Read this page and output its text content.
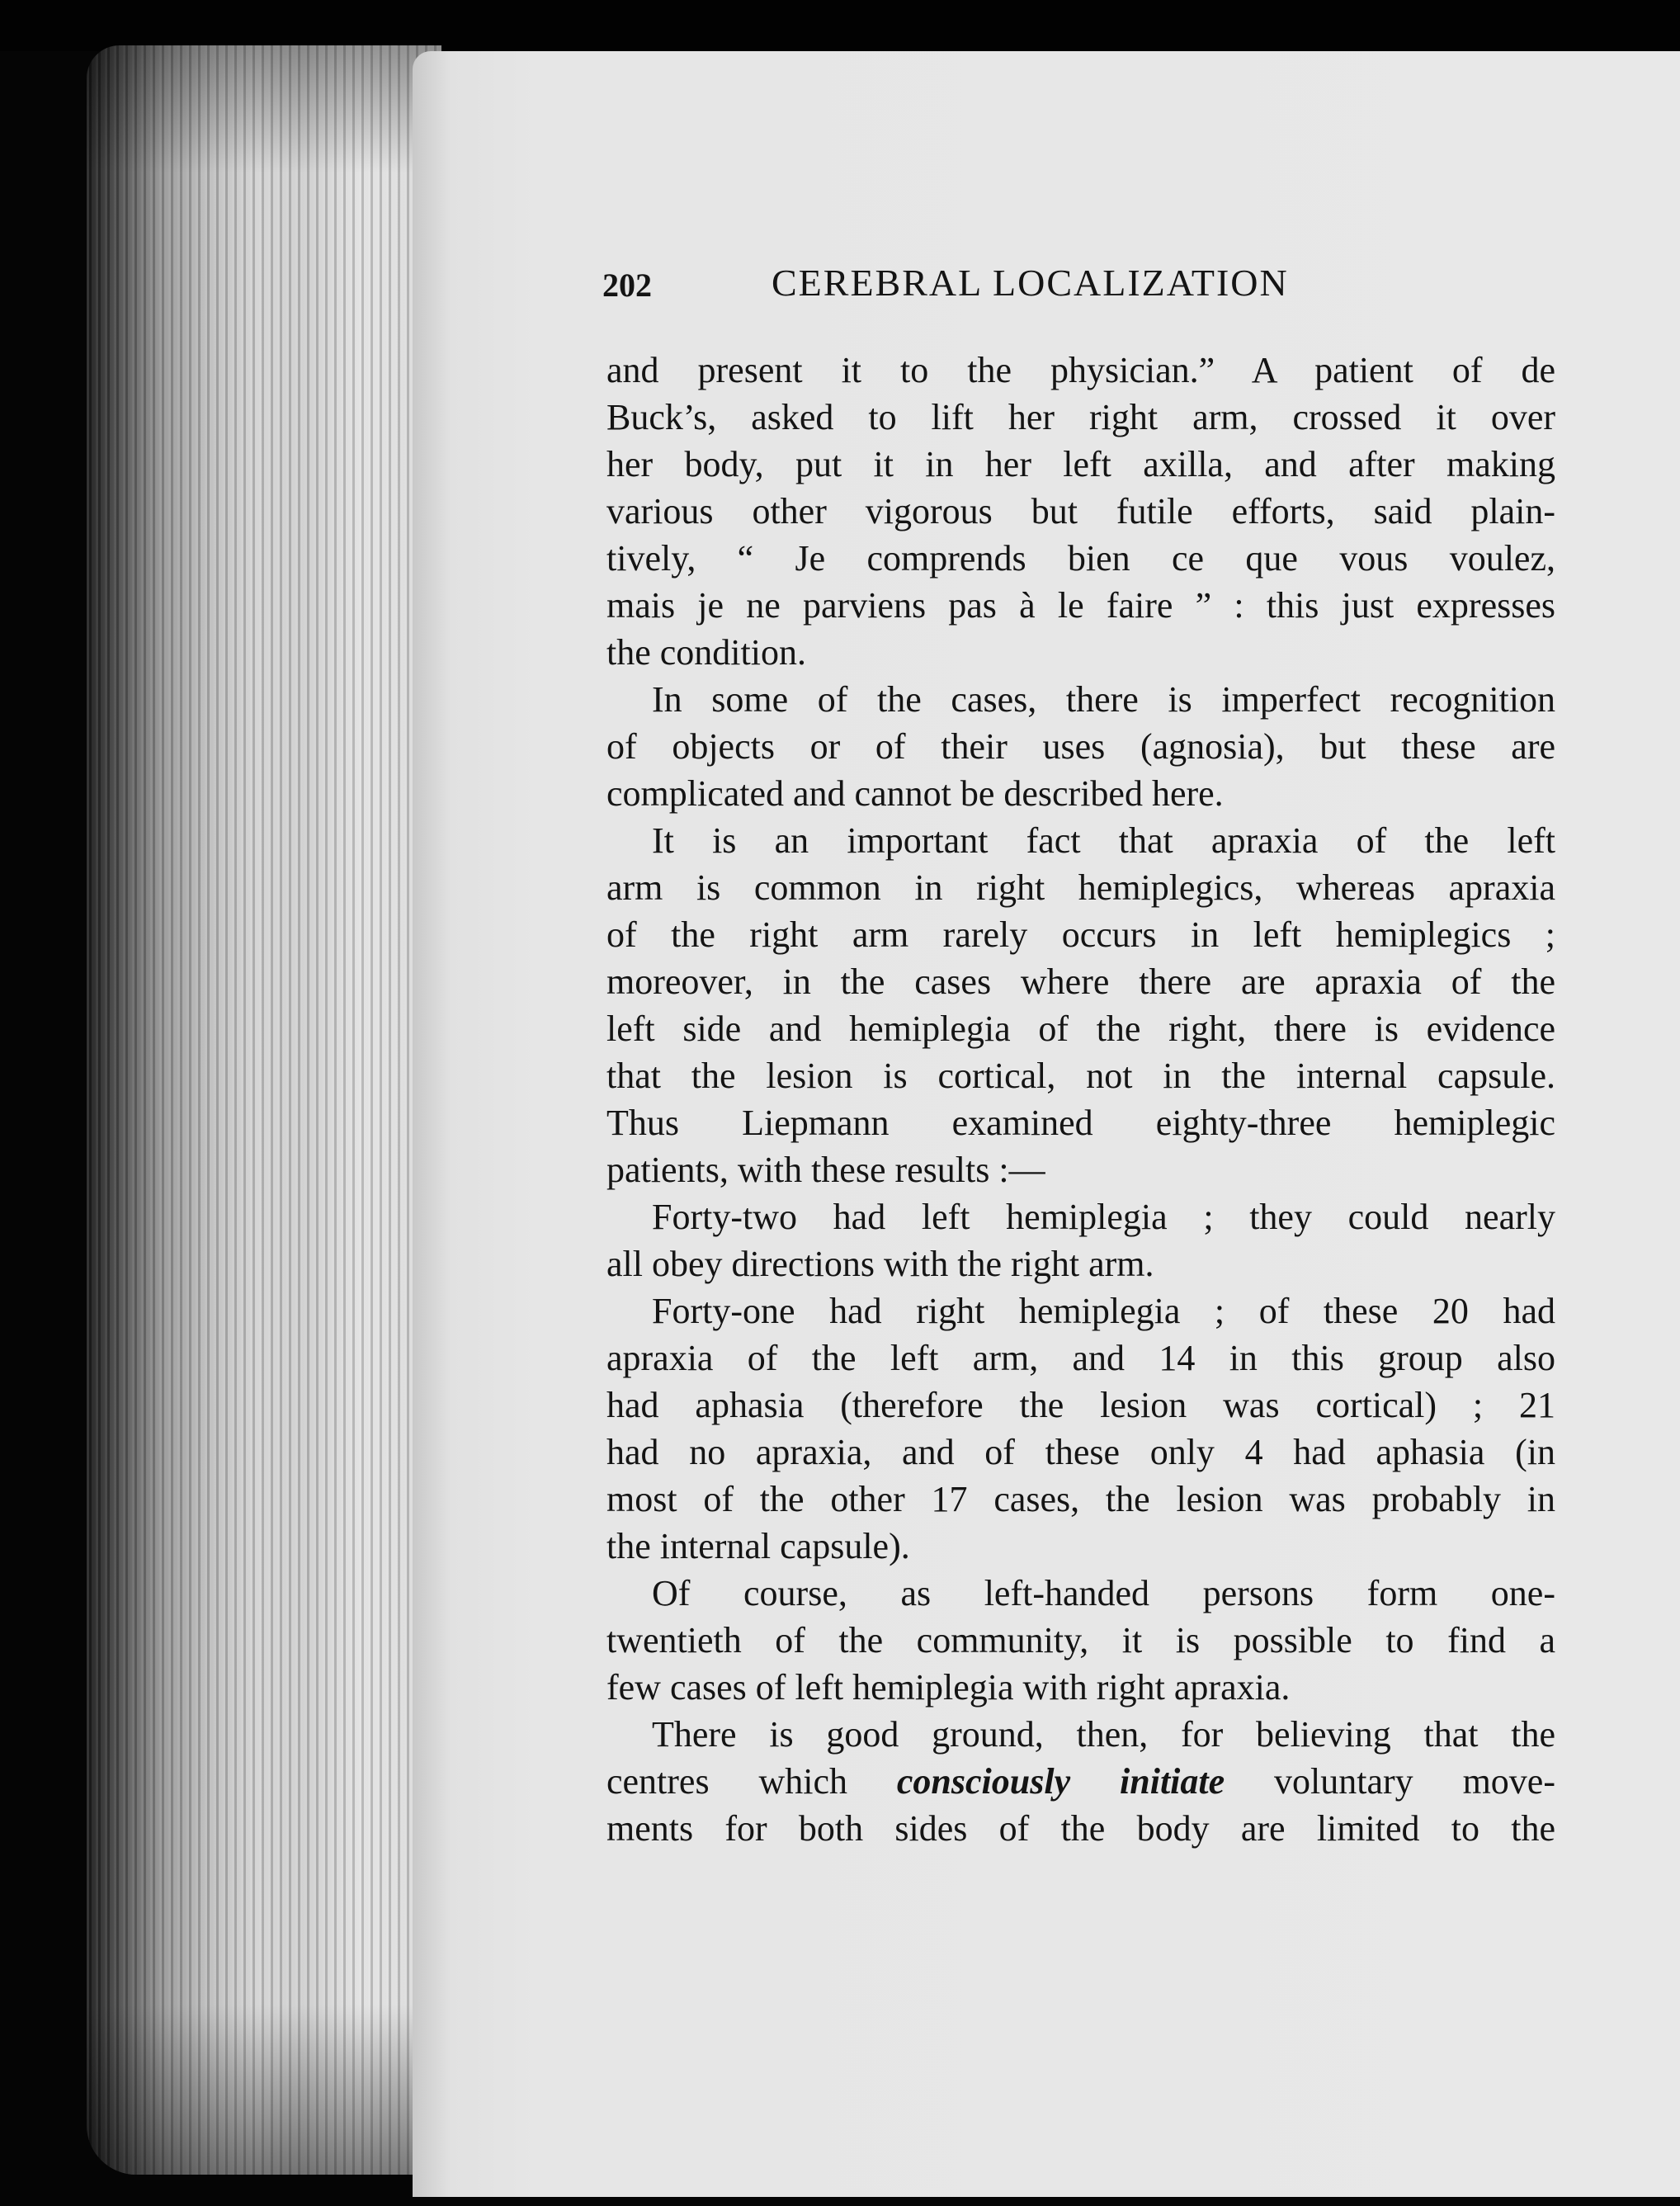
202	CEREBRAL LOCALIZATION
and present it to the physician.” A patient of de
Buck’s, asked to lift her right arm, crossed it over
her body, put it in her left axilla, and after making
various other vigorous but futile efforts, said plain-
tively, “ Je comprends bien ce que vous voulez,
mais je ne parviens pas à le faire ” : this just expresses
the condition.
In some of the cases, there is imperfect recognition
of objects or of their uses (agnosia), but these are
complicated and cannot be described here.
It is an important fact that apraxia of the left
arm is common in right hemiplegics, whereas apraxia
of the right arm rarely occurs in left hemiplegics ;
moreover, in the cases where there are apraxia of the
left side and hemiplegia of the right, there is evidence
that the lesion is cortical, not in the internal capsule.
Thus Liepmann examined eighty-three hemiplegic
patients, with these results :—
Forty-two had left hemiplegia ; they could nearly
all obey directions with the right arm.
Forty-one had right hemiplegia ; of these 20 had
apraxia of the left arm, and 14 in this group also
had aphasia (therefore the lesion was cortical) ; 21
had no apraxia, and of these only 4 had aphasia (in
most of the other 17 cases, the lesion was probably in
the internal capsule).
Of course, as left-handed persons form one-
twentieth of the community, it is possible to find a
few cases of left hemiplegia with right apraxia.
There is good ground, then, for believing that the
centres which consciously initiate voluntary move-
ments for both sides of the body are limited to the
